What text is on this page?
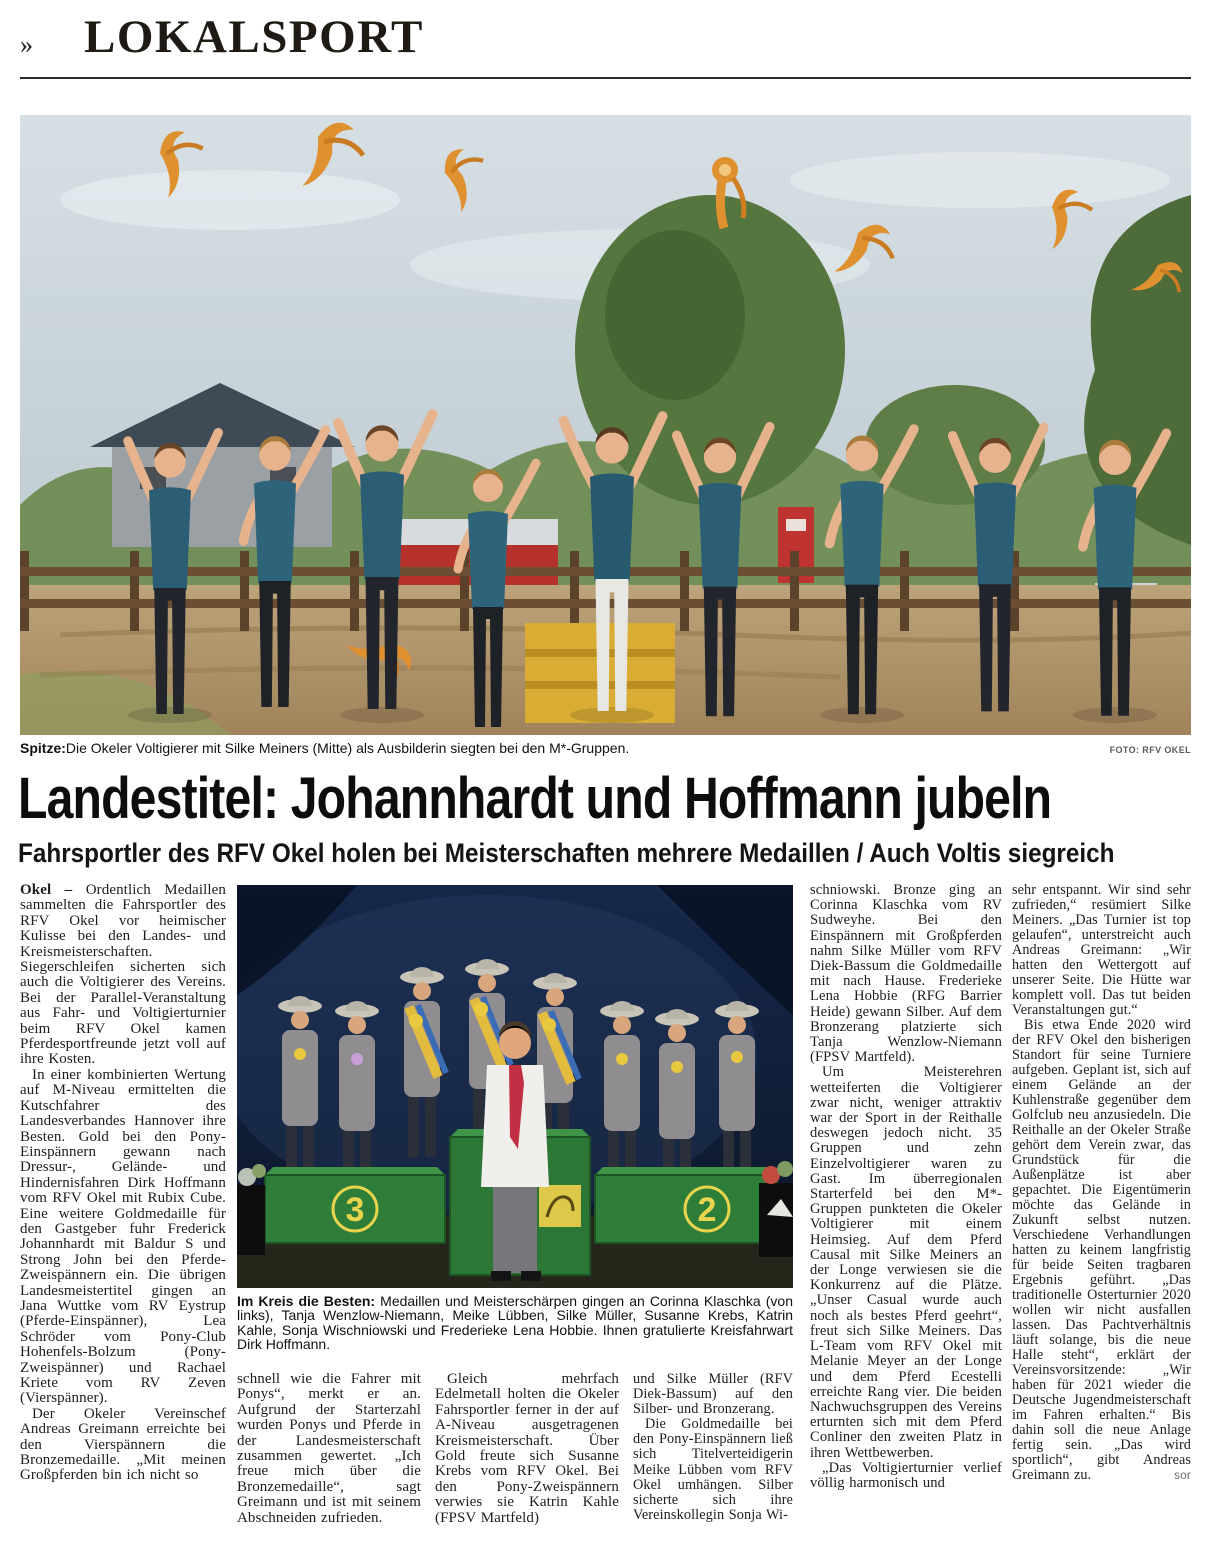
» LOKALSPORT
Spitze: Die Okeler Voltigierer mit Silke Meiners (Mitte) als Ausbilderin siegten bei den M*-Gruppen.	FOTO: RFV OKEL
Landestitel: Johannhardt und Hoffmann jubeln
Fahrsportler des RFV Okel holen bei Meisterschaften mehrere Medaillen / Auch Voltis siegreich

Okel – Ordentlich Medaillen sammelten die Fahrsportler des RFV Okel vor heimischer Kulisse bei den Landes- und Kreismeisterschaften. Siegerschleifen sicherten sich auch die Voltigierer des Vereins. Bei der Parallel-Veranstaltung aus Fahr- und Voltigierturnier beim RFV Okel kamen Pferdesportfreunde jetzt voll auf ihre Kosten.

In einer kombinierten Wertung auf M-Niveau ermittelten die Kutschfahrer des Landesverbandes Hannover ihre Besten. Gold bei den Pony-Einspännern gewann nach Dressur-, Gelände- und Hindernisfahren Dirk Hoffmann vom RFV Okel mit Rubix Cube. Eine weitere Goldmedaille für den Gastgeber fuhr Frederick Johannhardt mit Baldur S und Strong John bei den Pferde-Zweispännern ein. Die übrigen Landesmeistertitel gingen an Jana Wuttke vom RV Eystrup (Pferde-Einspänner), Lea Schröder vom Pony-Club Hohenfels-Bolzum (Pony-Zweispänner) und Rachael Kriete vom RV Zeven (Vierspänner).

Der Okeler Vereinschef Andreas Greimann erreichte bei den Vierspännern die Bronzemedaille. „Mit meinen Großpferden bin ich nicht so

schnell wie die Fahrer mit Ponys“, merkt er an. Aufgrund der Starterzahl wurden Ponys und Pferde in der Landesmeisterschaft zusammen gewertet. „Ich freue mich über die Bronzemedaille“, sagt Greimann und ist mit seinem Abschneiden zufrieden.

Gleich mehrfach Edelmetall holten die Okeler Fahrsportler ferner in der auf A-Niveau ausgetragenen Kreismeisterschaft. Über Gold freute sich Susanne Krebs vom RFV Okel. Bei den Pony-Zweispännern verwies sie Katrin Kahle (FPSV Martfeld)

und Silke Müller (RFV Diek-Bassum) auf den Silber- und Bronzerang.

Die Goldmedaille bei den Pony-Einspännern ließ sich Titelverteidigerin Meike Lübben vom RFV Okel umhängen. Silber sicherte sich ihre Vereinskollegin Sonja Wi-

schniowski. Bronze ging an Corinna Klaschka vom RV Sudweyhe. Bei den Einspännern mit Großpferden nahm Silke Müller vom RFV Diek-Bassum die Goldmedaille mit nach Hause. Frederieke Lena Hobbie (RFG Barrier Heide) gewann Silber. Auf dem Bronzerang platzierte sich Tanja Wenzlow-Niemann (FPSV Martfeld).

Um Meisterehren wetteiferten die Voltigierer zwar nicht, weniger attraktiv war der Sport in der Reithalle deswegen jedoch nicht. 35 Gruppen und zehn Einzelvoltigierer waren zu Gast. Im überregionalen Starterfeld bei den M*-Gruppen punkteten die Okeler Voltigierer mit einem Heimsieg. Auf dem Pferd Causal mit Silke Meiners an der Longe verwiesen sie die Konkurrenz auf die Plätze. „Unser Casual wurde auch noch als bestes Pferd geehrt“, freut sich Silke Meiners. Das L-Team vom RFV Okel mit Melanie Meyer an der Longe und dem Pferd Ecestelli erreichte Rang vier. Die beiden Nachwuchsgruppen des Vereins erturnten sich mit dem Pferd Conliner den zweiten Platz in ihren Wettbewerben.

„Das Voltigierturnier verlief völlig harmonisch und

sehr entspannt. Wir sind sehr zufrieden,“ resümiert Silke Meiners. „Das Turnier ist top gelaufen“, unterstreicht auch Andreas Greimann: „Wir hatten den Wettergott auf unserer Seite. Die Hütte war komplett voll. Das tut beiden Veranstaltungen gut.“

Bis etwa Ende 2020 wird der RFV Okel den bisherigen Standort für seine Turniere aufgeben. Geplant ist, sich auf einem Gelände an der Kuhlenstraße gegenüber dem Golfclub neu anzusiedeln. Die Reithalle an der Okeler Straße gehört dem Verein zwar, das Grundstück für die Außenplätze ist aber gepachtet. Die Eigentümerin möchte das Gelände in Zukunft selbst nutzen. Verschiedene Verhandlungen hatten zu keinem langfristig für beide Seiten tragbaren Ergebnis geführt. „Das traditionelle Osterturnier 2020 wollen wir nicht ausfallen lassen. Das Pachtverhältnis läuft solange, bis die neue Halle steht“, erklärt der Vereinsvorsitzende: „Wir haben für 2021 wieder die Deutsche Jugendmeisterschaft im Fahren erhalten.“ Bis dahin soll die neue Anlage fertig sein. „Das wird sportlich“, gibt Andreas Greimann zu.	sor

3	2
Im Kreis die Besten: Medaillen und Meisterschärpen gingen an Corinna Klaschka (von links), Tanja Wenzlow-Niemann, Meike Lübben, Silke Müller, Susanne Krebs, Katrin Kahle, Sonja Wischniowski und Frederieke Lena Hobbie. Ihnen gratulierte Kreisfahrwart Dirk Hoffmann.
